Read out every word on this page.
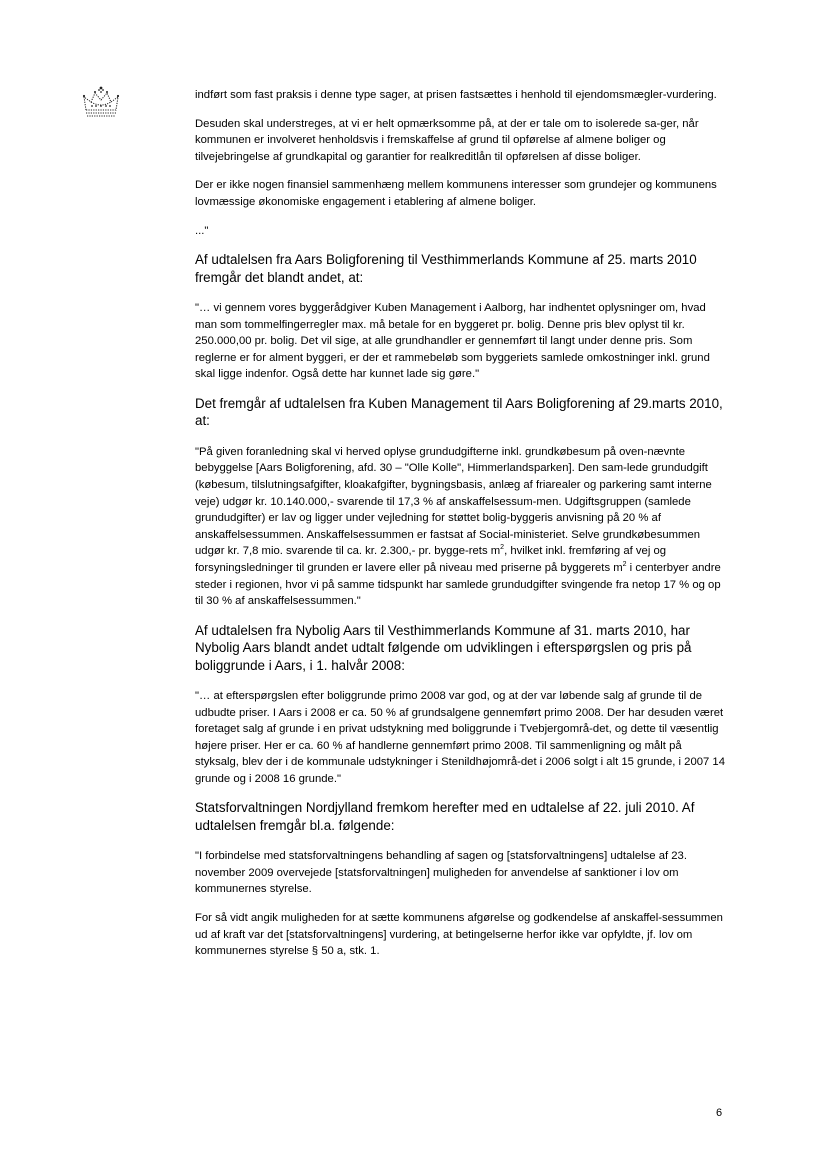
indført som fast praksis i denne type sager, at prisen fastsættes i henhold til ejendomsmægler-vurdering.

Desuden skal understreges, at vi er helt opmærksomme på, at der er tale om to isolerede sa-ger, når kommunen er involveret henholdsvis i fremskaffelse af grund til opførelse af almene boliger og tilvejebringelse af grundkapital og garantier for realkreditlån til opførelsen af disse boliger.

Der er ikke nogen finansiel sammenhæng mellem kommunens interesser som grundejer og kommunens lovmæssige økonomiske engagement i etablering af almene boliger.

..."

Af udtalelsen fra Aars Boligforening til Vesthimmerlands Kommune af 25. marts 2010 fremgår det blandt andet, at:

"… vi gennem vores byggerådgiver Kuben Management i Aalborg, har indhentet oplysninger om, hvad man som tommelfingerregler max. må betale for en byggeret pr. bolig. Denne pris blev oplyst til kr. 250.000,00 pr. bolig. Det vil sige, at alle grundhandler er gennemført til langt under denne pris. Som reglerne er for alment byggeri, er der et rammebeløb som byggeriets samlede omkostninger inkl. grund skal ligge indenfor. Også dette har kunnet lade sig gøre."

Det fremgår af udtalelsen fra Kuben Management til Aars Boligforening af 29.marts 2010, at:

"På given foranledning skal vi herved oplyse grundudgifterne inkl. grundkøbesum på oven-nævnte bebyggelse [Aars Boligforening, afd. 30 – "Olle Kolle", Himmerlandsparken]. Den sam-lede grundudgift (købesum, tilslutningsafgifter, kloakafgifter, bygningsbasis, anlæg af friarealer og parkering samt interne veje) udgør kr. 10.140.000,- svarende til 17,3 % af anskaffelsessum-men. Udgiftsgruppen (samlede grundudgifter) er lav og ligger under vejledning for støttet bolig-byggeris anvisning på 20 % af anskaffelsessummen. Anskaffelsessummen er fastsat af Social-ministeriet. Selve grundkøbesummen udgør kr. 7,8 mio. svarende til ca. kr. 2.300,- pr. bygge-rets $m^2$, hvilket inkl. fremføring af vej og forsyningsledninger til grunden er lavere eller på niveau med priserne på byggerets $m^2$ i centerbyer andre steder i regionen, hvor vi på samme tidspunkt har samlede grundudgifter svingende fra netop 17 % og op til 30 % af anskaffelsessummen."

Af udtalelsen fra Nybolig Aars til Vesthimmerlands Kommune af 31. marts 2010, har Nybolig Aars blandt andet udtalt følgende om udviklingen i efterspørgslen og pris på boliggrunde i Aars, i 1. halvår 2008:

"… at efterspørgslen efter boliggrunde primo 2008 var god, og at der var løbende salg af grunde til de udbudte priser. I Aars i 2008 er ca. 50 % af grundsalgene gennemført primo 2008. Der har desuden været foretaget salg af grunde i en privat udstykning med boliggrunde i Tvebjergområ-det, og dette til væsentlig højere priser. Her er ca. 60 % af handlerne gennemført primo 2008. Til sammenligning og målt på styksalg, blev der i de kommunale udstykninger i Stenildhøjområ-det i 2006 solgt i alt 15 grunde, i 2007 14 grunde og i 2008 16 grunde."

Statsforvaltningen Nordjylland fremkom herefter med en udtalelse af 22. juli 2010. Af udtalelsen fremgår bl.a. følgende:

"I forbindelse med statsforvaltningens behandling af sagen og [statsforvaltningens] udtalelse af 23. november 2009 overvejede [statsforvaltningen] muligheden for anvendelse af sanktioner i lov om kommunernes styrelse.

For så vidt angik muligheden for at sætte kommunens afgørelse og godkendelse af anskaffel-sessummen ud af kraft var det [statsforvaltningens] vurdering, at betingelserne herfor ikke var opfyldte, jf. lov om kommunernes styrelse § 50 a, stk. 1.

6
